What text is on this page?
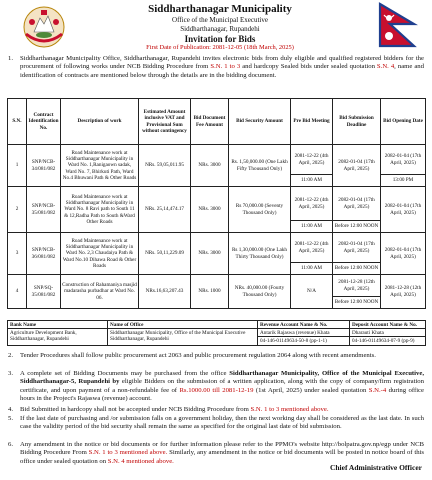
Siddharthanagar Municipality
Office of the Municipal Executive
Siddharthanagar, Rupandehi
Invitation for Bids
First Date of Publication: 2081-12-05 (18th March, 2025)
1. Siddharthanagar Municipality Office, Siddharthanagar, Rupandehi invites electronic bids from duly eligible and qualified registered bidders for the procurement of following works under NCB Bidding Procedure from S.N. 1 to 3 and hardcopy Sealed bids under sealed quotation S.N. 4, name and identification of contracts are mentioned below through the details are in the bidding document.
S.N.	Contract Identification No.	Description of work	Estimated Amount inclusive VAT and Provisional Sum without contingency	Bid Document Fee Amount	Bid Security Amount	Pre Bid Meeting	Bid Submission Deadline	Bid Opening Date
1	SNP/NCB-34/081/082	Road Maintenance work at Siddharthanagar Municipality in Ward No. 1,Ranigaown sadak, Ward No. 7, Bhirkuti Path, Ward No.4 Bhuwani Path & Other Roads	NRs. 59,05,011.95	NRs. 3000	Rs. 1,50,000.00 (One Lakh Fifty Thousand Only)	2081-12-22 (4th April, 2025)	2082-01-04 (17th April, 2025)	2082-01-04 (17th April, 2025)
						11:00 AM		13:00 PM
2	SNP/NCB-35/081/082	Road Maintenance work at Siddharthanagar Municipality in Ward No. 8 Ravi path to South 11 & 12,Radha Path to South &Ward Other Roads	NRs. 25,14,474.17	NRs. 3000	Rs 70,000.00 (Seventy Thousand Only)	2081-12-22 (4th April, 2025)	2082-01-04 (17th April, 2025)	2082-01-04 (17th April, 2025)
						11:00 AM	Before 12:00 NOON	
3	SNP/NCB-36/081/082	Road Maintenance work at Siddharthanagar Municipality in Ward No. 2,3 Chaudaiya Path & Ward No.10 Dihawa Road & Other Roads	NRs. 50,11,229.09	NRs. 3000	Rs 1,30,000.00 (One Lakh Thirty Thousand Only)	2081-12-22 (4th April, 2025)	2082-01-04 (17th April, 2025)	2082-01-04 (17th April, 2025)
						11:00 AM	Before 12:00 NOON	
4	SNP/SQ-35/081/082	Construction of Rahamaniya masjid madarasha purbadhar at Ward No. 06.	NRs.16,63,207.43	NRs. 1000	NRs. 40,000.00 (Fourty Thousand Only)	N/A	2081-12-28 (12th April, 2025)	2081-12-28 (12th April, 2025)
							Before 12:00 NOON	
Bank Name	Name of Office	Revenue Account Name & No.	Deposit Account Name & No.
Agriculture Development Bank, Siddharthanagar, Rupandehi	Siddharthanagar Municipality, Office of the Municipal Executive Siddharthanagar, Rupandehi	Antarik Rajaswa (revenue) Khata	Dharauti Khata
		04-146-01149634-50-8 (pp-1-1)	04-146-01149634-07-9 (pp-9)
2. Tender Procedures shall follow public procurement act 2063 and public procurement regulation 2064 along with recent amendments.
3. A complete set of Bidding Documents may be purchased from the office Siddharthanagar Municipality, Office of the Municipal Executive, Siddharthanagar-5, Rupandehi by eligible Bidders on the submission of a written application, along with the copy of company/firm registration certificate, and upon payment of a non-refundable fee of Rs.1000.00 till 2081-12-19 (1st April, 2025) under sealed quotation S.N.-4 during office hours in the Project's Rajaswa (revenue) account.
4. Bid Submitted in hardcopy shall not be accepted under NCB Bidding Procedure from S.N. 1 to 3 mentioned above.
5. If the last date of purchasing and /or submission falls on a government holiday, then the next working day shall be considered as the last date. In such case the validity period of the bid security shall remain the same as specified for the original last date of bid submission.
6. Any amendment in the notice or bid documents or for further information please refer to the PPMO's website http://bolpatra.gov.np/egp under NCB Bidding Procedure From S.N. 1 to 3 mentioned above. Similarly, any amendment in the notice or bid documents will be posted in notice board of this office under sealed quotation on S.N. 4 mentioned above.
Chief Administrative Officer
